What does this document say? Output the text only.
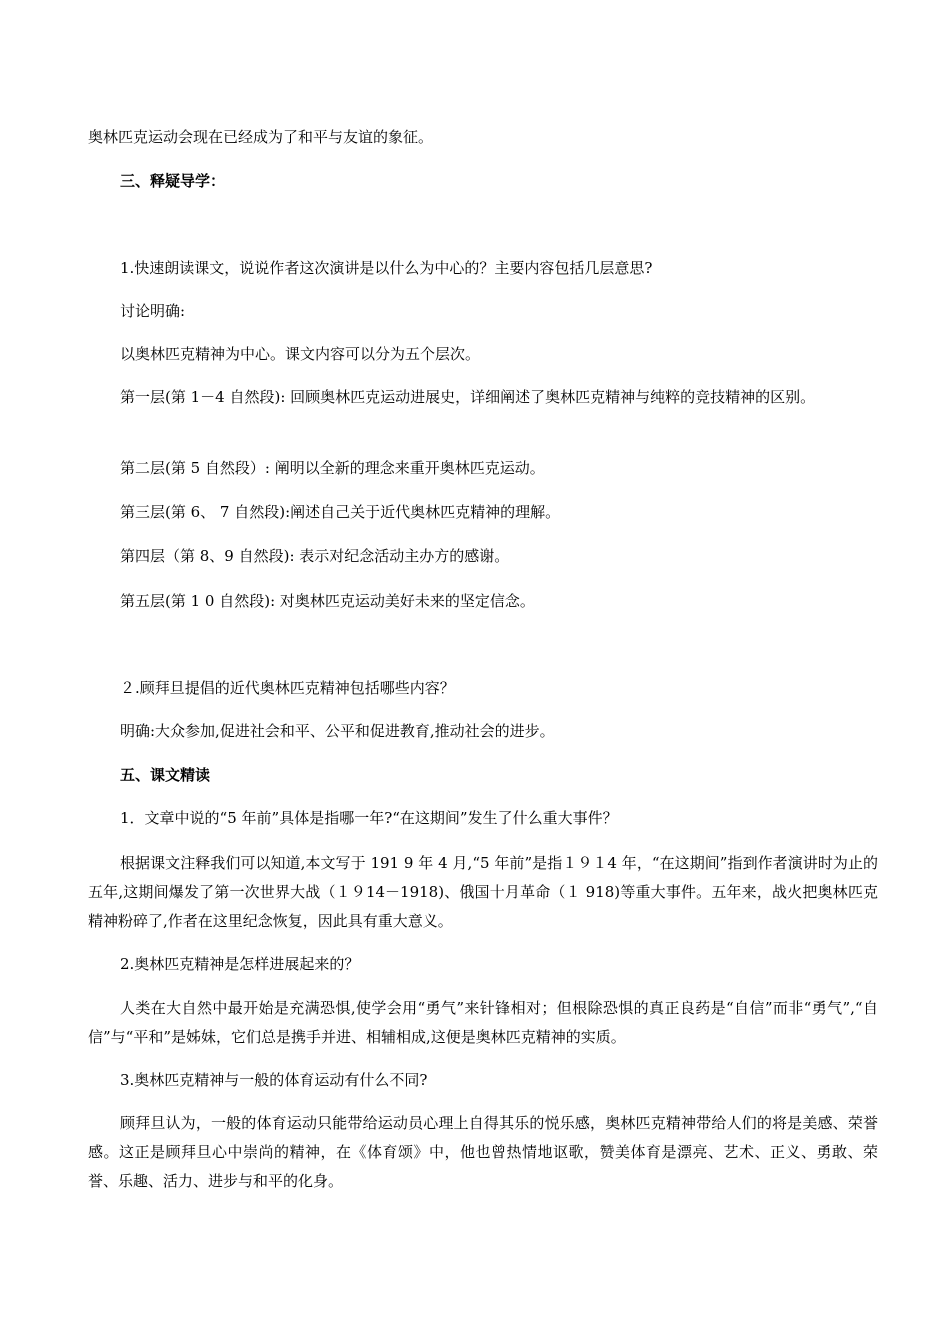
奥林匹克运动会现在已经成为了和平与友谊的象征。
三、释疑导学：
1.快速朗读课文，说说作者这次演讲是以什么为中心的？主要内容包括几层意思?
讨论明确:
以奥林匹克精神为中心。课文内容可以分为五个层次。
第一层(第 1－4 自然段): 回顾奥林匹克运动进展史，详细阐述了奥林匹克精神与纯粹的竞技精神的区别。
第二层(第 5 自然段）: 阐明以全新的理念来重开奥林匹克运动。
第三层(第 6、 7 自然段):阐述自己关于近代奥林匹克精神的理解。
第四层（第 8、9 自然段): 表示对纪念活动主办方的感谢。
第五层(第 1 0 自然段): 对奥林匹克运动美好未来的坚定信念。
２.顾拜旦提倡的近代奥林匹克精神包括哪些内容？
明确:大众参加,促进社会和平、公平和促进教育,推动社会的进步。
五、课文精读
1．文章中说的“5 年前”具体是指哪一年?“在这期间”发生了什么重大事件？
根据课文注释我们可以知道,本文写于 191 9 年 4 月,“5 年前”是指１９１4 年，“在这期间”指到作者演讲时为止的五年,这期间爆发了第一次世界大战（１９14－1918)、俄国十月革命（１ 918)等重大事件。五年来，战火把奥林匹克精神粉碎了,作者在这里纪念恢复，因此具有重大意义。
2.奥林匹克精神是怎样进展起来的？
人类在大自然中最开始是充满恐惧,使学会用“勇气”来针锋相对；但根除恐惧的真正良药是“自信”而非“勇气”,“自信”与“平和”是姊妹，它们总是携手并进、相辅相成,这便是奥林匹克精神的实质。
3.奥林匹克精神与一般的体育运动有什么不同?
顾拜旦认为，一般的体育运动只能带给运动员心理上自得其乐的悦乐感，奥林匹克精神带给人们的将是美感、荣誉感。这正是顾拜旦心中崇尚的精神，在《体育颂》中，他也曾热情地讴歌，赞美体育是漂亮、艺术、正义、勇敢、荣誉、乐趣、活力、进步与和平的化身。
